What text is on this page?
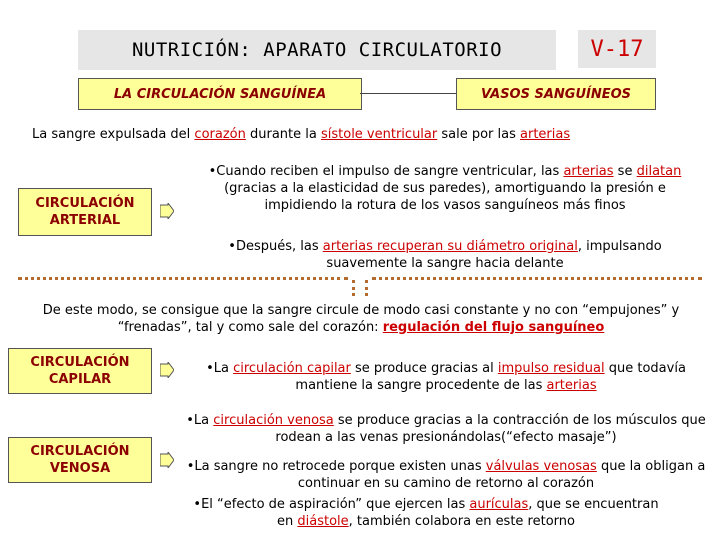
NUTRICIÓN: APARATO CIRCULATORIO	V-17
LA CIRCULACIÓN SANGUÍNEA	VASOS SANGUÍNEOS
La sangre expulsada del corazón durante la sístole ventricular sale por las arterias
CIRCULACIÓN ARTERIAL
•Cuando reciben el impulso de sangre ventricular, las arterias se dilatan (gracias a la elasticidad de sus paredes), amortiguando la presión e impidiendo la rotura de los vasos sanguíneos más finos
•Después, las arterias recuperan su diámetro original, impulsando suavemente la sangre hacia delante
De este modo, se consigue que la sangre circule de modo casi constante y no con “empujones” y “frenadas”, tal y como sale del corazón: regulación del flujo sanguíneo
CIRCULACIÓN CAPILAR
•La circulación capilar se produce gracias al impulso residual que todavía mantiene la sangre procedente de las arterias
CIRCULACIÓN VENOSA
•La circulación venosa se produce gracias a la contracción de los músculos que rodean a las venas presionándolas(“efecto masaje”)
•La sangre no retrocede porque existen unas válvulas venosas que la obligan a continuar en su camino de retorno al corazón
•El “efecto de aspiración” que ejercen las aurículas, que se encuentran en diástole, también colabora en este retorno
